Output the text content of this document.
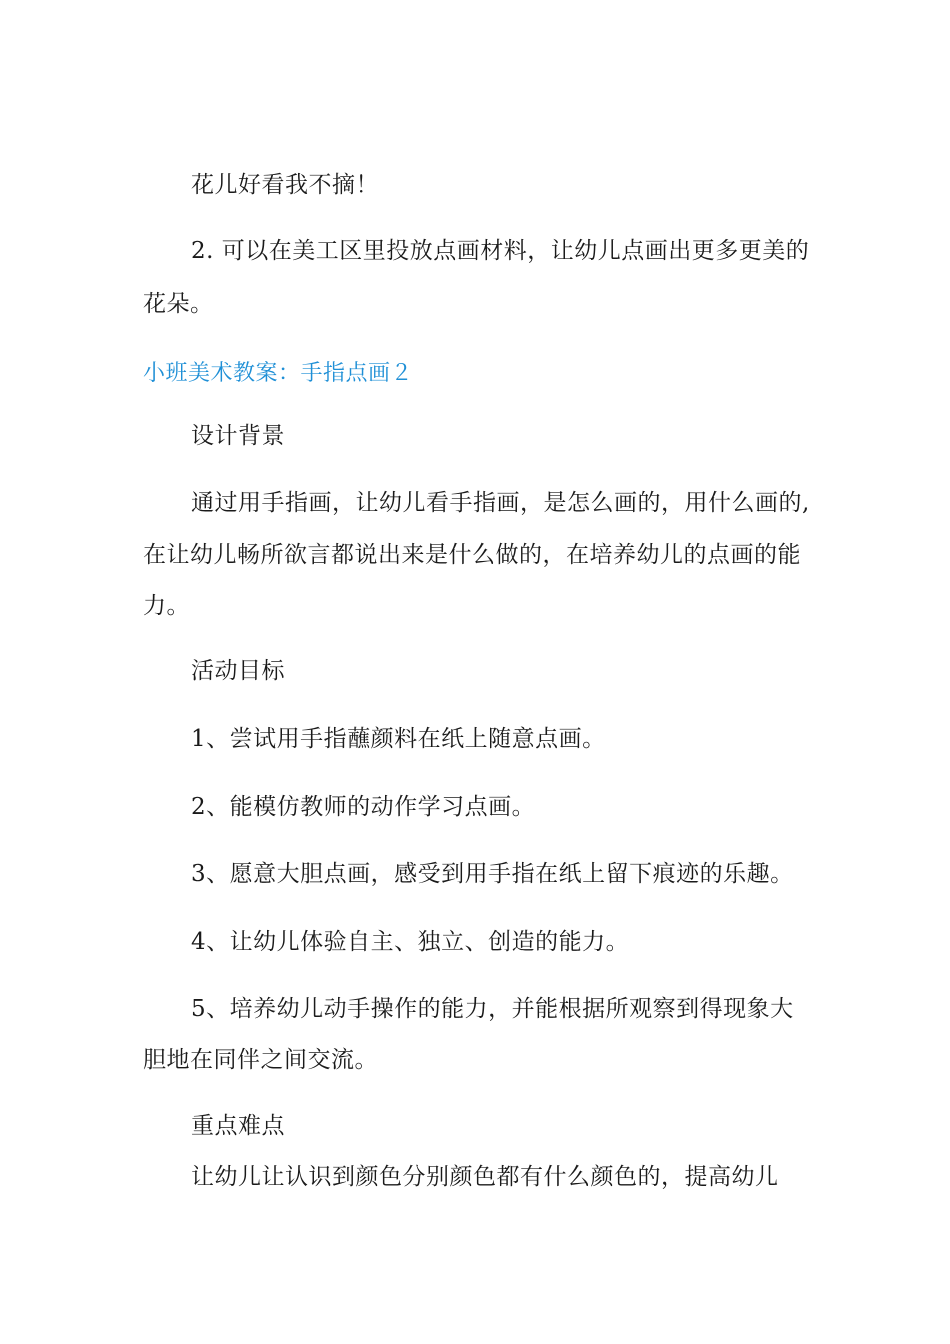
花儿好看我不摘！
2. 可以在美工区里投放点画材料，让幼儿点画出更多更美的
花朵。
小班美术教案：手指点画２
设计背景
通过用手指画，让幼儿看手指画，是怎么画的，用什么画的,
在让幼儿畅所欲言都说出来是什么做的，在培养幼儿的点画的能
力。
活动目标
1、尝试用手指蘸颜料在纸上随意点画。
2、能模仿教师的动作学习点画。
3、愿意大胆点画，感受到用手指在纸上留下痕迹的乐趣。
4、让幼儿体验自主、独立、创造的能力。
5、培养幼儿动手操作的能力，并能根据所观察到得现象大
胆地在同伴之间交流。
重点难点
让幼儿让认识到颜色分别颜色都有什么颜色的，提高幼儿
